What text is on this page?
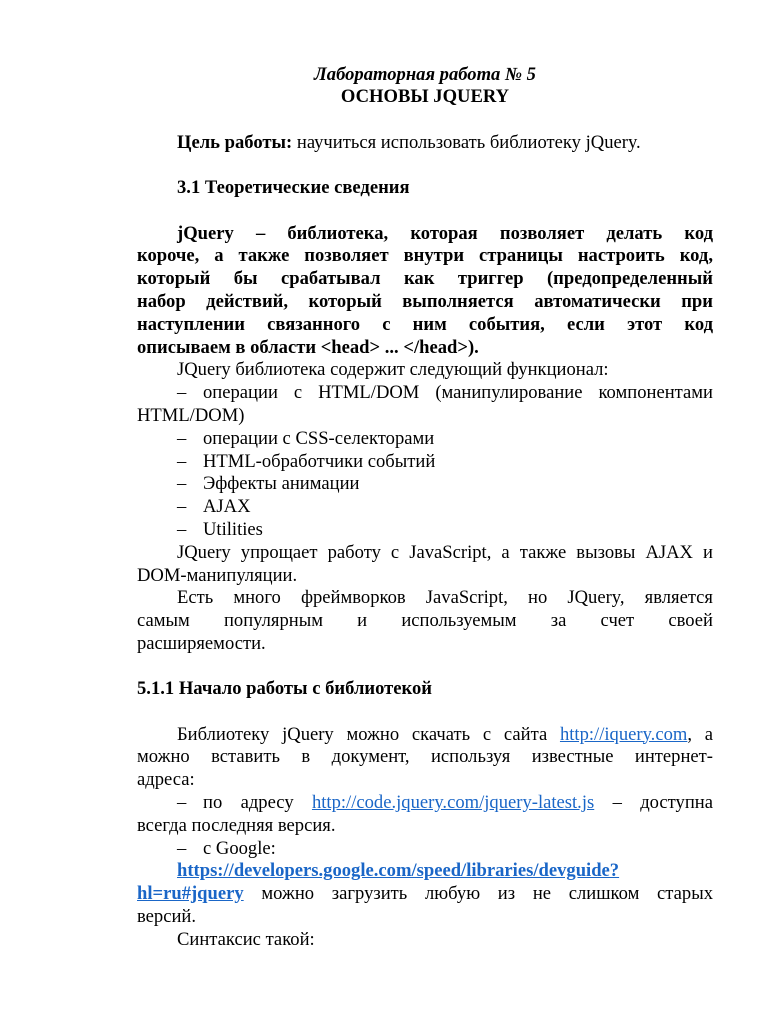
Лабораторная работа № 5
ОСНОВЫ JQUERY

Цель работы: научиться использовать библиотеку jQuery.

3.1 Теоретические сведения

jQuery – библиотека, которая позволяет делать код
короче, а также позволяет внутри страницы настроить код,
который бы срабатывал как триггер (предопределенный
набор действий, который выполняется автоматически при
наступлении связанного с ним события, если этот код
описываем в области <head> ... </head>).

JQuery библиотека содержит следующий функционал:

– операции с HTML/DOM (манипулирование компонентами
HTML/DOM)
– операции с CSS-селекторами
– HTML-обработчики событий
– Эффекты анимации
– AJAX
– Utilities
JQuery упрощает работу с JavaScript, а также вызовы AJAX и
DOM-манипуляции.
Есть много фреймворков JavaScript, но JQuery, является
самым популярным и используемым за счет своей
расширяемости.

5.1.1 Начало работы с библиотекой

Библиотеку jQuery можно скачать с сайта http://iquery.com, а
можно вставить в документ, используя известные интернет-
адреса:
– по адресу http://code.jquery.com/jquery-latest.js – доступна
всегда последняя версия.
– с Google:
https://developers.google.com/speed/libraries/devguide?
hl=ru#jquery можно загрузить любую из не слишком старых
версий.

Синтаксис такой:
